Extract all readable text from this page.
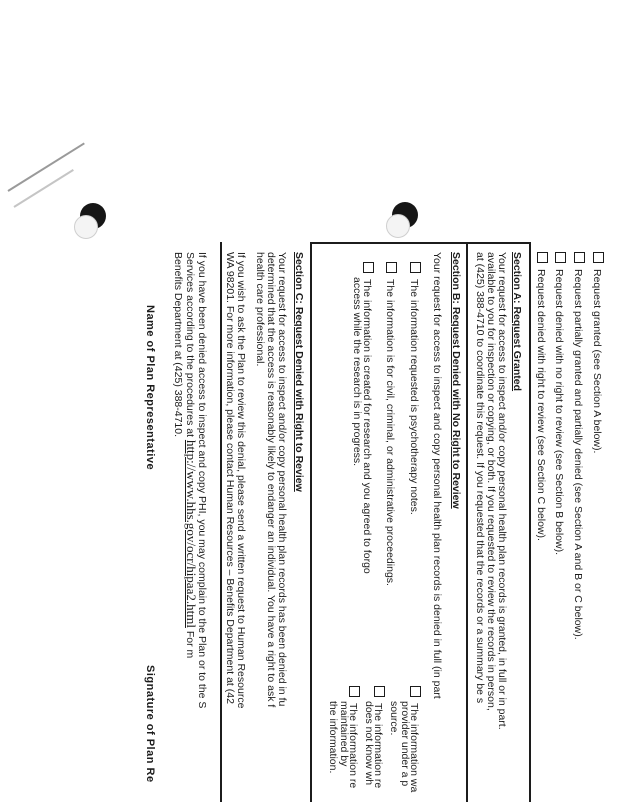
Request granted (see Section A below).
Request partially granted and partially denied (see Section A and B or C below).
Request denied with no right to review (see Section B below).
Request denied with right to review (see Section C below).
Section A: Request Granted
Your request for access to inspect and/or copy personal health plan records is granted, in full or in part.
available to you for inspection or copying, or both. If you requested to review the records in person,
at (425) 388-4710 to coordinate this request. If you requested that the records or a summary be s
Section B: Request Denied with No Right to Review
Your request for access to inspect and copy personal health plan records is denied in full (in part
The information requested is psychotherapy notes.
The information is for civil, criminal, or administrative proceedings.
The information is created for research and you agreed to forgo
access while the research is in progress.
The information wa
provider under a p
source.
The information re
does not know wh
The information re
maintained by
the information.
Section C: Request Denied with Right to Review
Your request for access to inspect and/or copy personal health plan records has been denied in fu
determined that the access is reasonably likely to endanger an individual. You have a right to ask f
health care professional.
If you wish to ask the Plan to review this denial, please send a written request to Human Resource
WA 98201. For more information, please contact Human Resources – Benefits Department at (42
If you have been denied access to inspect and copy PHI, you may complain to the Plan or to the S
Services according to the procedures at http://www.hhs.gov/ocr/hipaa2.html For m
Benefits Department at (425) 388-4710.
Name of Plan Representative
Signature of Plan Re
